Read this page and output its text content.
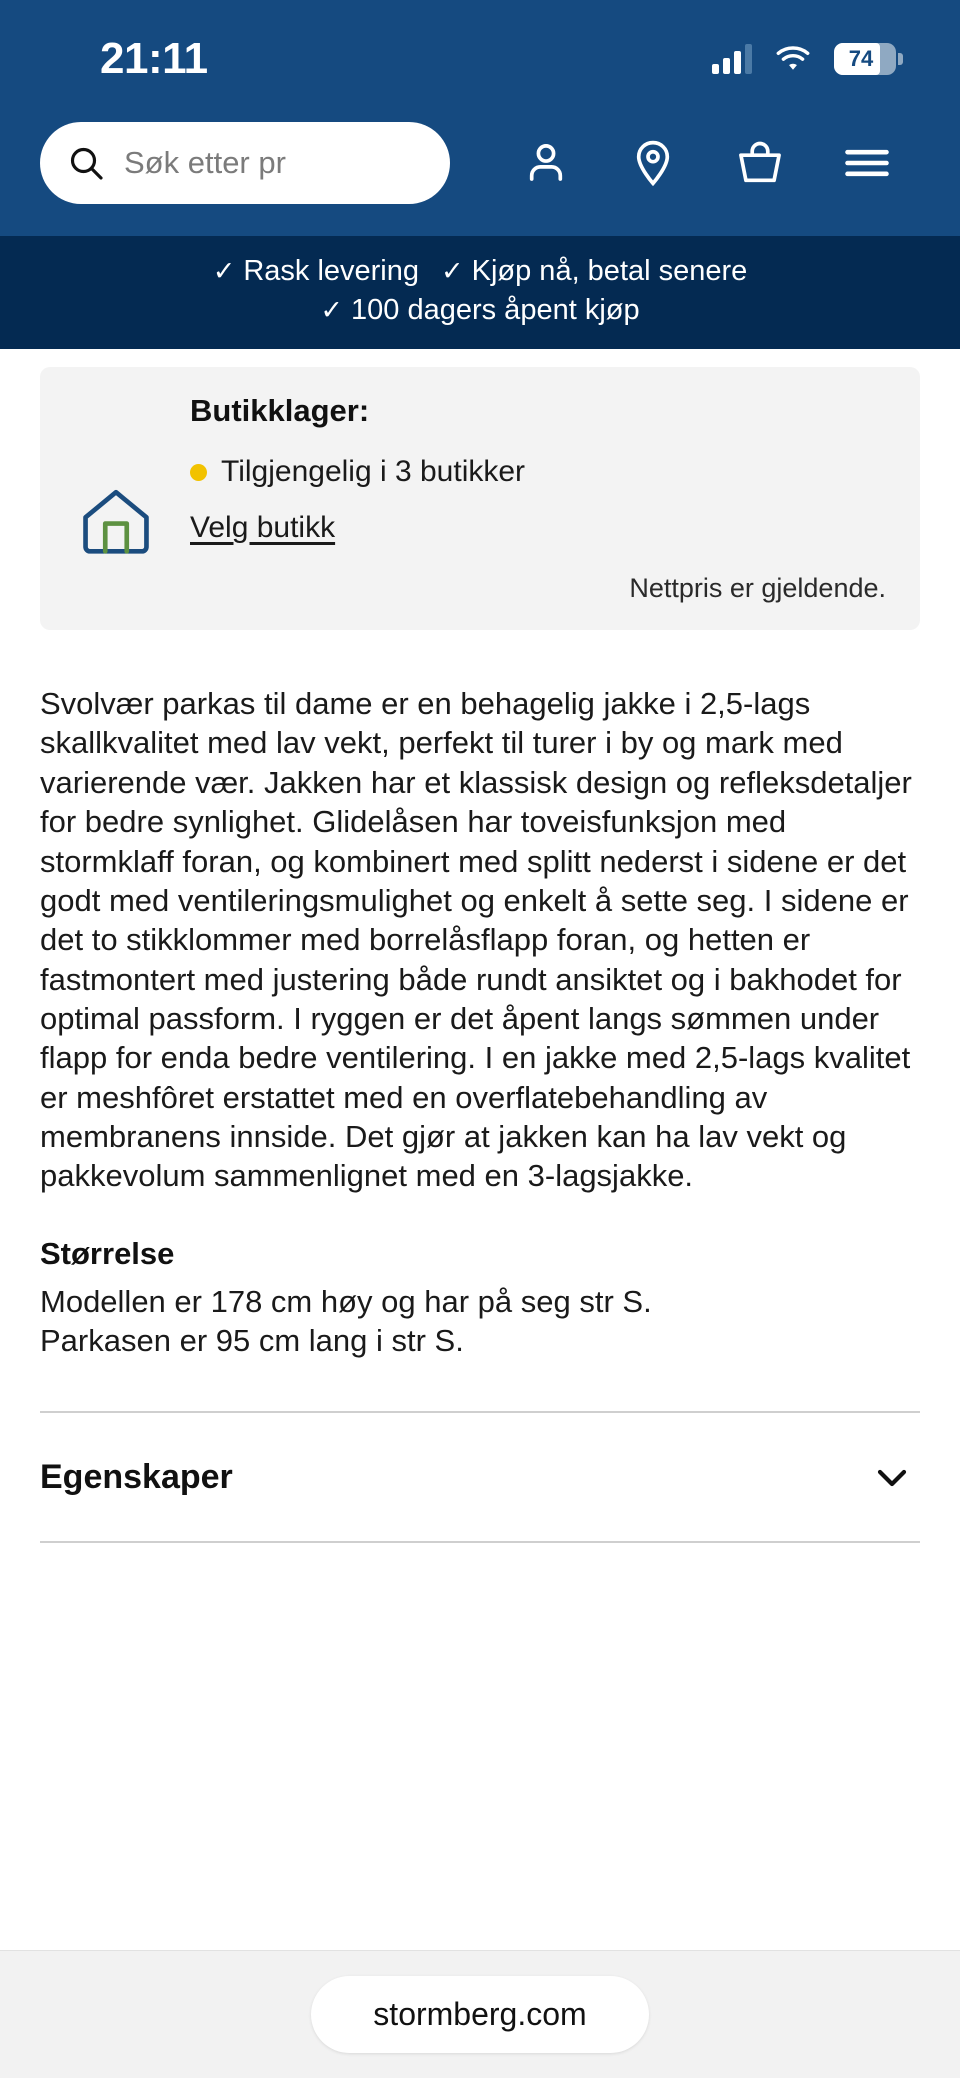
21:11	74
Søk etter pr
✓ Rask levering ✓ Kjøp nå, betal senere
✓ 100 dagers åpent kjøp
Butikklager:
Tilgjengelig i 3 butikker
Velg butikk
Nettpris er gjeldende.

Svolvær parkas til dame er en behagelig jakke i 2,5-lags skallkvalitet med lav vekt, perfekt til turer i by og mark med varierende vær. Jakken har et klassisk design og refleksdetaljer for bedre synlighet. Glidelåsen har toveisfunksjon med stormklaff foran, og kombinert med splitt nederst i sidene er det godt med ventileringsmulighet og enkelt å sette seg. I sidene er det to stikklommer med borrelåsflapp foran, og hetten er fastmontert med justering både rundt ansiktet og i bakhodet for optimal passform. I ryggen er det åpent langs sømmen under flapp for enda bedre ventilering. I en jakke med 2,5-lags kvalitet er meshfôret erstattet med en overflatebehandling av membranens innside. Det gjør at jakken kan ha lav vekt og pakkevolum sammenlignet med en 3-lagsjakke.

Størrelse

Modellen er 178 cm høy og har på seg str S.

Parkasen er 95 cm lang i str S.

Egenskaper
stormberg.com
